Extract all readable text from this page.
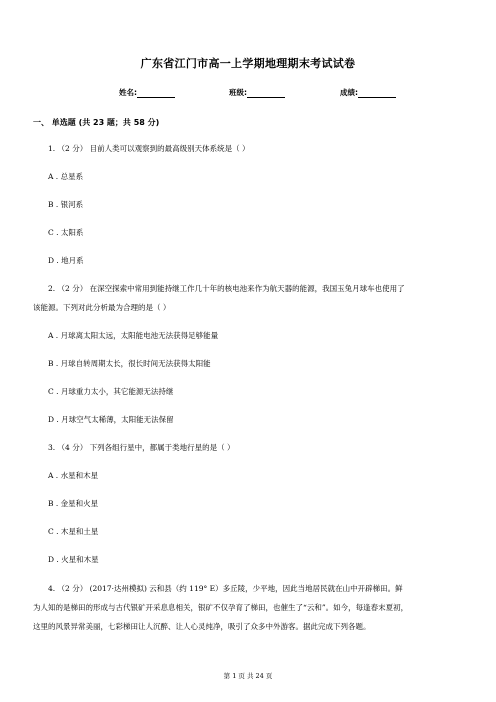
广东省江门市高一上学期地理期末考试试卷
姓名:	班级:	成绩:
一、 单选题 (共 23 题；共 58 分)
1. （2 分） 目前人类可以观察到的最高级别天体系统是（ ）
A . 总星系
B . 银河系
C . 太阳系
D . 地月系
2. （2 分） 在深空探索中常用到能持继工作几十年的核电池来作为航天器的能源，我国玉兔月球车也使用了
该能源。下列对此分析最为合理的是（ ）
A . 月球离太阳太远，太阳能电池无法获得足够能量
B . 月球自转周期太长，很长时间无法获得太阳能
C . 月球重力太小，其它能源无法持继
D . 月球空气太稀薄，太阳能无法保留
3. （4 分） 下列各组行星中，都属于类地行星的是（ ）
A . 水星和木星
B . 金星和火星
C . 木星和土星
D . 火星和木星
4. （2 分） (2017·达州模拟) 云和县（约 119° E）多丘陵，少平地，因此当地居民就在山中开辟梯田。鲜
为人知的是梯田的形成与古代银矿开采息息相关，银矿不仅孕育了梯田，也催生了“云和”。如今，每逢春末夏初，
这里的风景异常美丽，七彩梯田让人沉醉、让人心灵纯净，吸引了众多中外游客。据此完成下列各题。
第 1 页 共 24 页
